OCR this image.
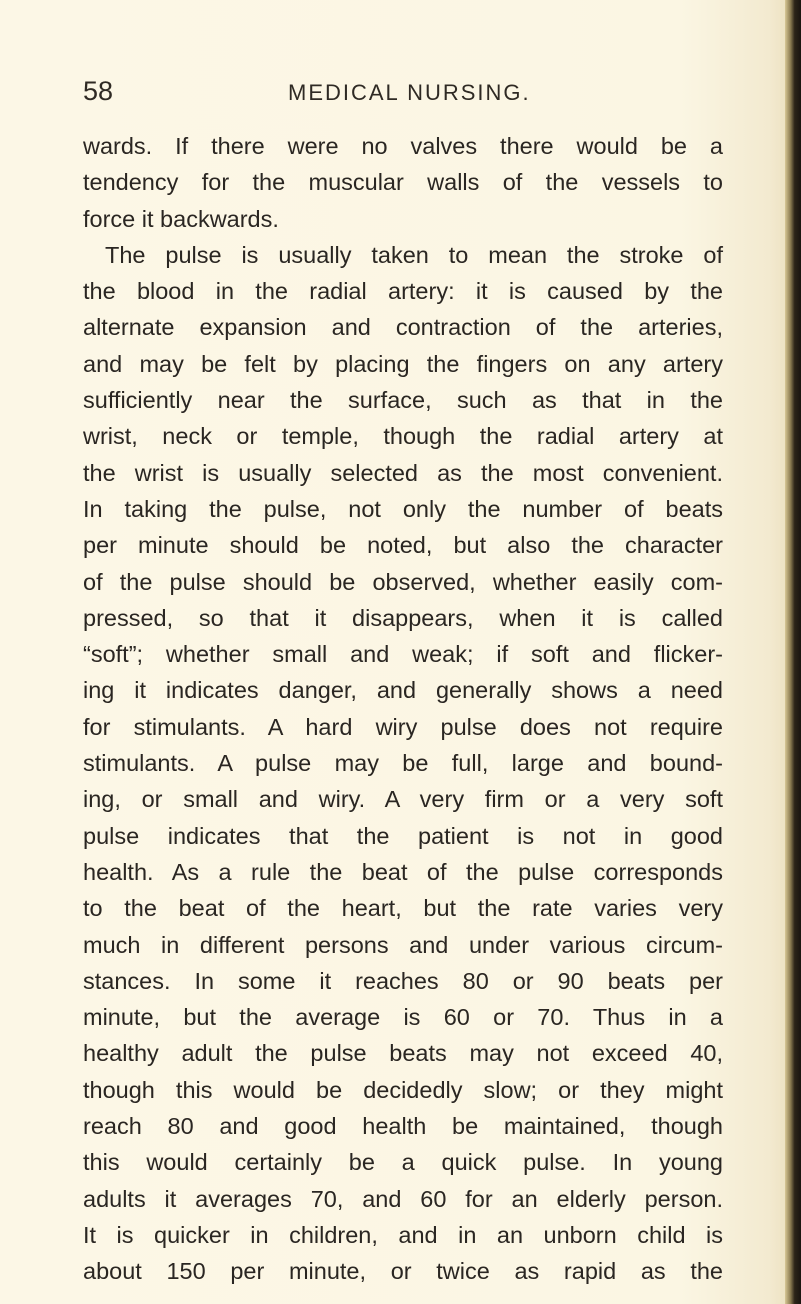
58	MEDICAL NURSING.
wards. If there were no valves there would be a
tendency for the muscular walls of the vessels to
force it backwards.
The pulse is usually taken to mean the stroke of
the blood in the radial artery: it is caused by the
alternate expansion and contraction of the arteries,
and may be felt by placing the fingers on any artery
sufficiently near the surface, such as that in the
wrist, neck or temple, though the radial artery at
the wrist is usually selected as the most convenient.
In taking the pulse, not only the number of beats
per minute should be noted, but also the character
of the pulse should be observed, whether easily com-
pressed, so that it disappears, when it is called
“soft”; whether small and weak; if soft and flicker-
ing it indicates danger, and generally shows a need
for stimulants. A hard wiry pulse does not require
stimulants. A pulse may be full, large and bound-
ing, or small and wiry. A very firm or a very soft
pulse indicates that the patient is not in good
health. As a rule the beat of the pulse corresponds
to the beat of the heart, but the rate varies very
much in different persons and under various circum-
stances. In some it reaches 80 or 90 beats per
minute, but the average is 60 or 70. Thus in a
healthy adult the pulse beats may not exceed 40,
though this would be decidedly slow; or they might
reach 80 and good health be maintained, though
this would certainly be a quick pulse. In young
adults it averages 70, and 60 for an elderly person.
It is quicker in children, and in an unborn child is
about 150 per minute, or twice as rapid as the
